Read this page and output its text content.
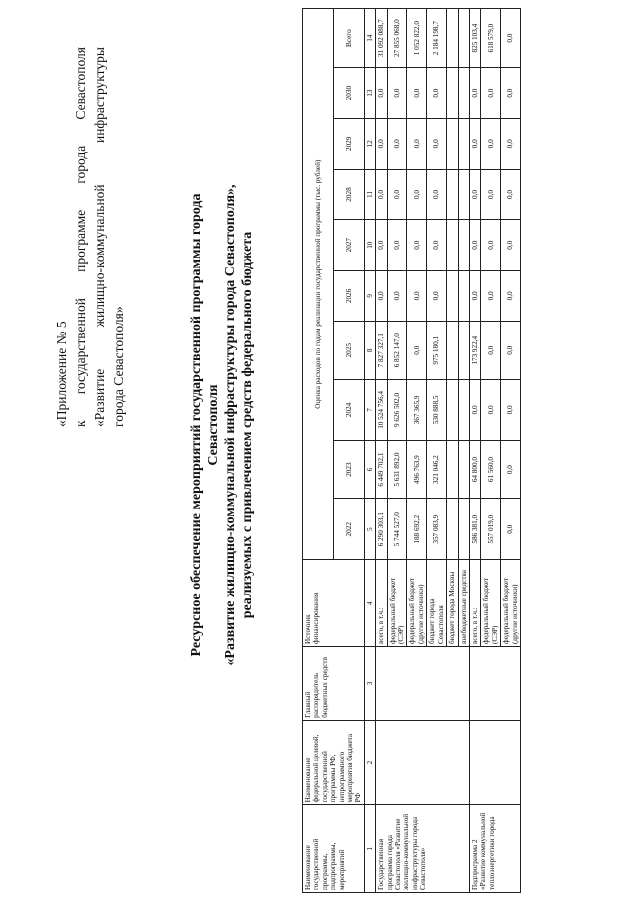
«Приложение № 5 к
государственной
программе
города
Севастополя
«Развитие
жилищно-коммунальной
инфраструктуры
города Севастополя»	Ресурсное обеспечение мероприятий государственной программы города Севастополя «Развитие жилищно-коммунальной инфраструктуры города Севастополя», реализуемых с привлечением средств федерального бюджета
Наименование государственной программы, подпрограммы, мероприятий	Наименование федеральной целевой, государственной программы РФ, непрограммного мероприятия бюджета РФ	Главный распорядитель бюджетных средств	Источник финансирования	Оценка расходов по годам реализации государственной программы (тыс. рублей)									
				2022	2023	2024	2025	2026	2027	2028	2029	2030	Всего
1	2	3	4	5	6	7	8	9	10	11	12	13	14
Государственная программа города Севастополя «Развитие жилищно-коммунальной инфраструктуры города Севастополя»			всего, в т.ч.:	6 290 303,1	6 449 702,1	10 524 756,4	7 827 327,1	0,0	0,0	0,0	0,0	0,0	31 092 088,7
			федеральный бюджет (СЭР)	5 744 527,0	5 631 892,0	9 626 502,0	6 852 147,0	0,0	0,0	0,0	0,0	0,0	27 855 068,0
			федеральный бюджет (другие источники)	188 692,2	496 763,9	367 365,9	0,0	0,0	0,0	0,0	0,0	0,0	1 052 822,0
			бюджет города Севастополя	357 083,9	321 046,2	530 888,5	975 180,1	0,0	0,0	0,0	0,0	0,0	2 184 198,7
			бюджет города Москвы										
			внебюджетные средства										
Подпрограмма 2 «Развитие коммунальной теплоэнергетики города			всего, в т.ч.:	586 381,0	64 800,0	0,0	173 922,4	0,0	0,0	0,0	0,0	0,0	825 103,4
			федеральный бюджет (СЭР)	557 019,0	61 560,0	0,0	0,0	0,0	0,0	0,0	0,0	0,0	618 579,0
			федеральный бюджет (другие источники)	0,0	0,0	0,0	0,0	0,0	0,0	0,0	0,0	0,0	0,0
